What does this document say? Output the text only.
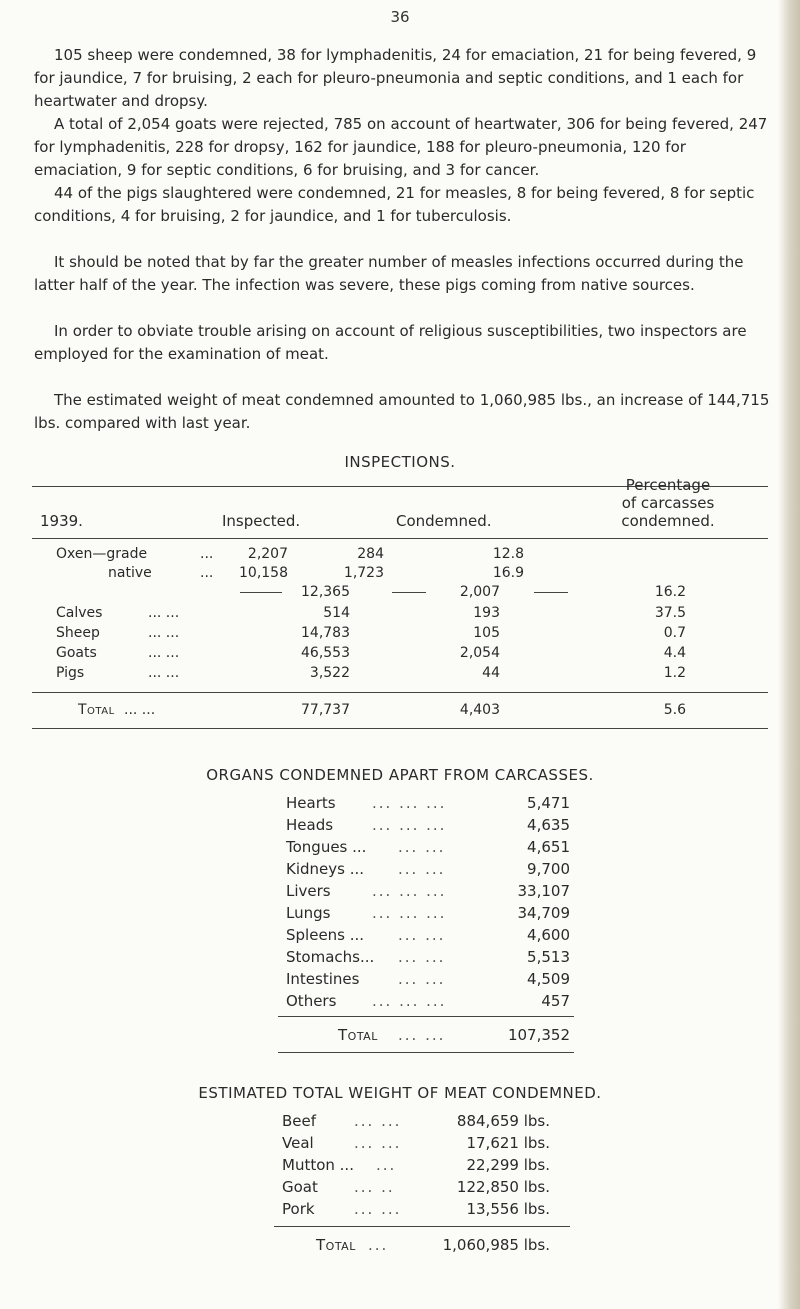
36

105 sheep were condemned, 38 for lymphadenitis, 24 for emaciation, 21 for being fevered, 9 for jaundice, 7 for bruising, 2 each for pleuro-pneumonia and septic conditions, and 1 each for heartwater and dropsy.

A total of 2,054 goats were rejected, 785 on account of heartwater, 306 for being fevered, 247 for lymphadenitis, 228 for dropsy, 162 for jaundice, 188 for pleuro-pneumonia, 120 for emaciation, 9 for septic conditions, 6 for bruising, and 3 for cancer.

44 of the pigs slaughtered were condemned, 21 for measles, 8 for being fevered, 8 for septic conditions, 4 for bruising, 2 for jaundice, and 1 for tuberculosis.

It should be noted that by far the greater number of measles infections occurred during the latter half of the year. The infection was severe, these pigs coming from native sources.

In order to obviate trouble arising on account of religious susceptibilities, two inspectors are employed for the examination of meat.

The estimated weight of meat condemned amounted to 1,060,985 lbs., an increase of 144,715 lbs. compared with last year.

INSPECTIONS.
1939.	Inspected.	Condemned.
Percentage
of carcasses
condemned.
Oxen—grade	...	2,207	284	12.8
native	...	10,158	1,723	16.9
12,365	2,007	16.2
Calves	... ...	514	193	37.5
Sheep	... ...	14,783	105	0.7
Goats	... ...	46,553	2,054	4.4
Pigs	... ...	3,522	44	1.2
Total ... ...	77,737	4,403	5.6
ORGANS CONDEMNED APART FROM CARCASSES.
Hearts ... ... ...	5,471
Heads	... ... ...	4,635
Tongues ... ... ...	4,651
Kidneys ... ... ...	9,700
Livers	... ... ...	33,107
Lungs	... ... ...	34,709
Spleens ... ... ...	4,600
Stomachs... ... ...	5,513
Intestines	... ...	4,509
Others ... ... ...	457
Total ... ...	107,352
ESTIMATED TOTAL WEIGHT OF MEAT CONDEMNED.
Beef	... ...	884,659 lbs.
Veal	... ...	17,621 lbs.
Mutton ... ...	22,299 lbs.
Goat ... ..	122,850 lbs.
Pork	... ...	13,556 lbs.
Total ...	1,060,985 lbs.
